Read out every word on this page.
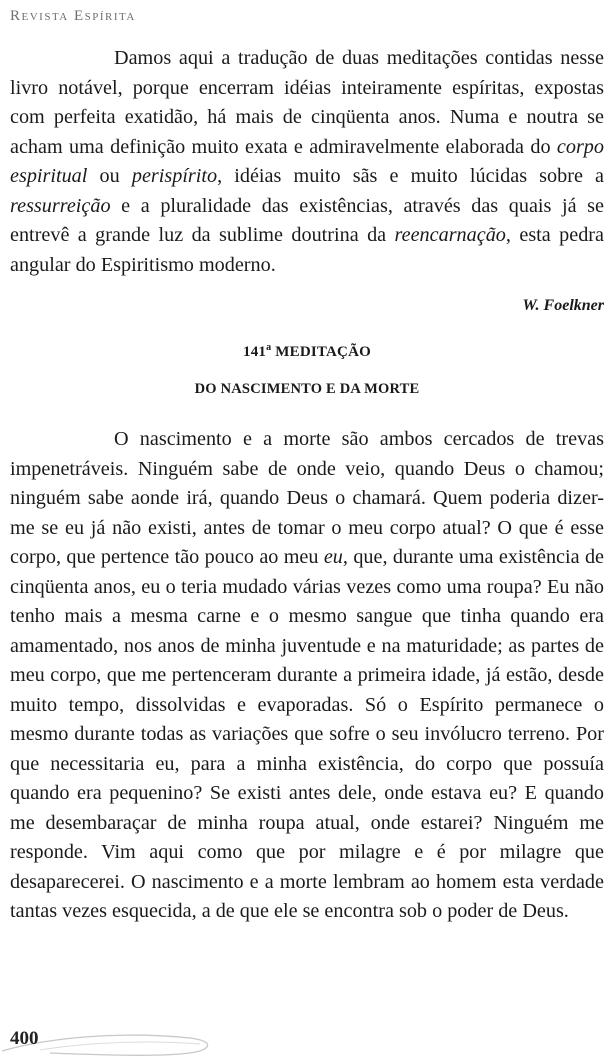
Revista Espírita

Damos aqui a tradução de duas meditações contidas nesse livro notável, porque encerram idéias inteiramente espíritas, expostas com perfeita exatidão, há mais de cinqüenta anos. Numa e noutra se acham uma definição muito exata e admiravelmente elaborada do corpo espiritual ou perispírito, idéias muito sãs e muito lúcidas sobre a ressurreição e a pluralidade das existências, através das quais já se entrevê a grande luz da sublime doutrina da reencarnação, esta pedra angular do Espiritismo moderno.

W. Foelkner

141$^a$ MEDITAÇÃO

DO NASCIMENTO E DA MORTE

O nascimento e a morte são ambos cercados de trevas impenetráveis. Ninguém sabe de onde veio, quando Deus o chamou; ninguém sabe aonde irá, quando Deus o chamará. Quem poderia dizer-me se eu já não existi, antes de tomar o meu corpo atual? O que é esse corpo, que pertence tão pouco ao meu eu, que, durante uma existência de cinqüenta anos, eu o teria mudado várias vezes como uma roupa? Eu não tenho mais a mesma carne e o mesmo sangue que tinha quando era amamentado, nos anos de minha juventude e na maturidade; as partes de meu corpo, que me pertenceram durante a primeira idade, já estão, desde muito tempo, dissolvidas e evaporadas. Só o Espírito permanece o mesmo durante todas as variações que sofre o seu invólucro terreno. Por que necessitaria eu, para a minha existência, do corpo que possuía quando era pequenino? Se existi antes dele, onde estava eu? E quando me desembaraçar de minha roupa atual, onde estarei? Ninguém me responde. Vim aqui como que por milagre e é por milagre que desaparecerei. O nascimento e a morte lembram ao homem esta verdade tantas vezes esquecida, a de que ele se encontra sob o poder de Deus.

400
